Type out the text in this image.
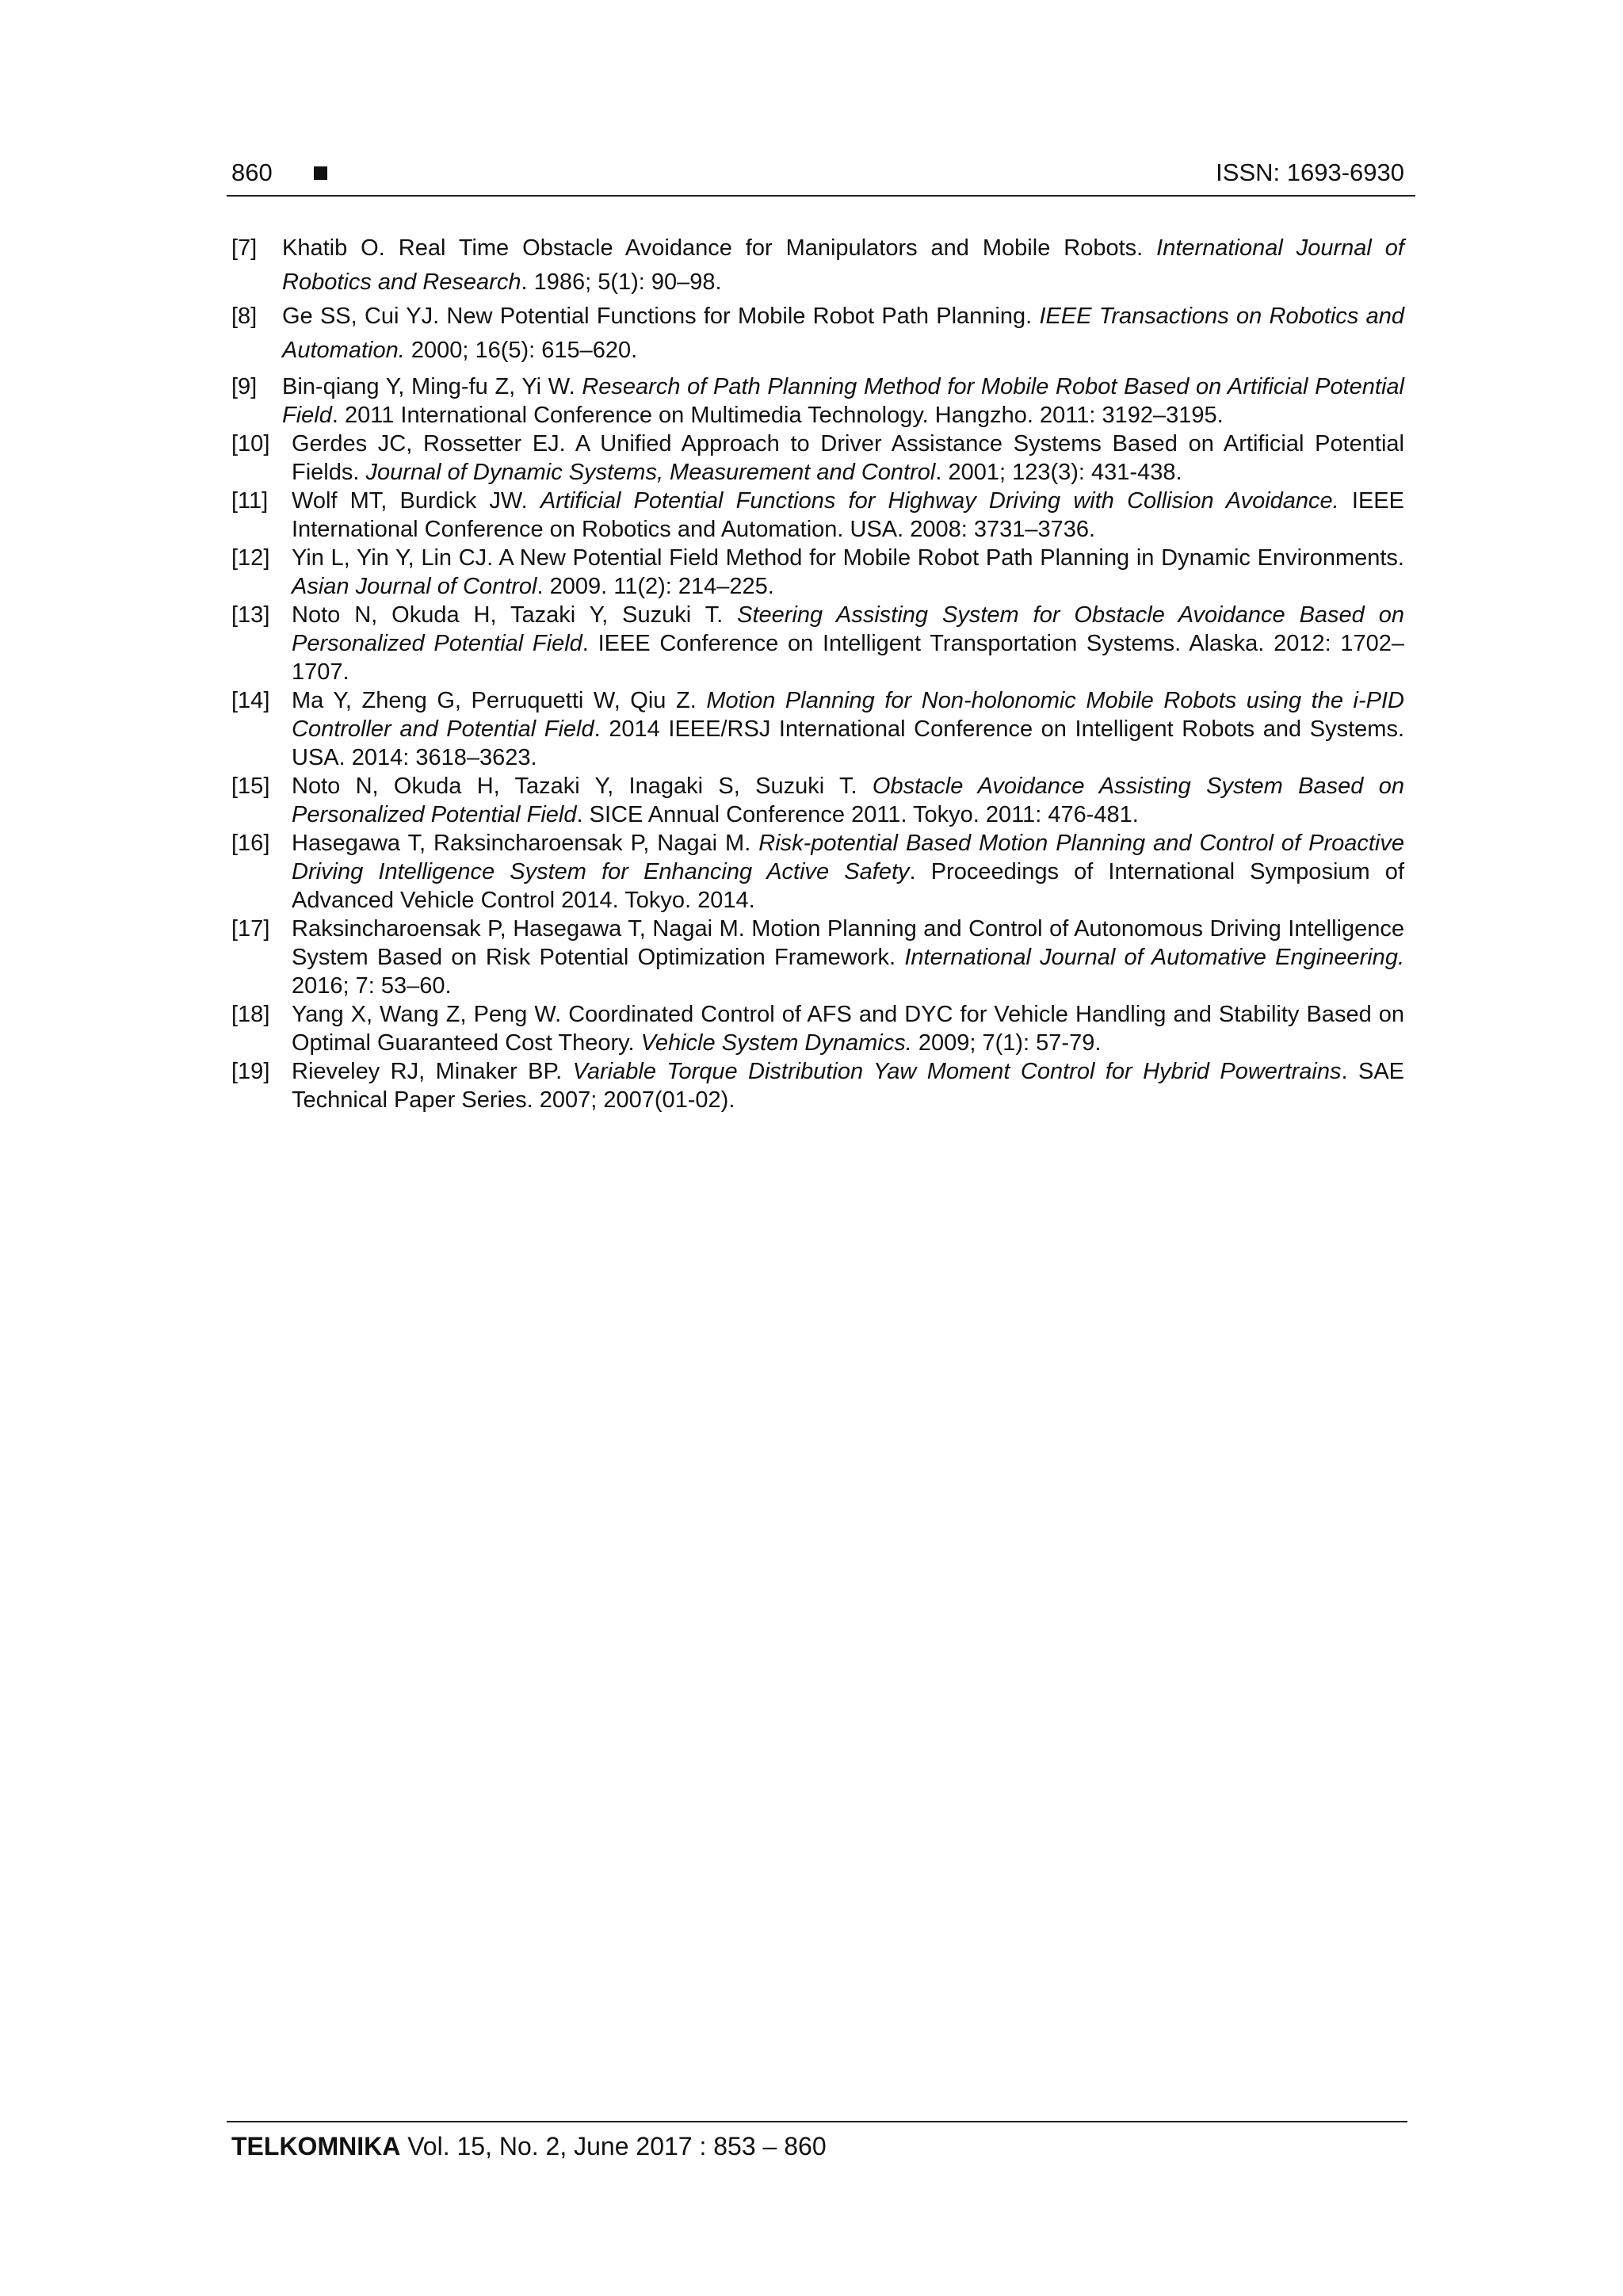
860	ISSN: 1693-6930
[7] Khatib O. Real Time Obstacle Avoidance for Manipulators and Mobile Robots. International Journal of Robotics and Research. 1986; 5(1): 90–98.
[8] Ge SS, Cui YJ. New Potential Functions for Mobile Robot Path Planning. IEEE Transactions on Robotics and Automation. 2000; 16(5): 615–620.
[9] Bin-qiang Y, Ming-fu Z, Yi W. Research of Path Planning Method for Mobile Robot Based on Artificial Potential Field. 2011 International Conference on Multimedia Technology. Hangzho. 2011: 3192–3195.
[10] Gerdes JC, Rossetter EJ. A Unified Approach to Driver Assistance Systems Based on Artificial Potential Fields. Journal of Dynamic Systems, Measurement and Control. 2001; 123(3): 431-438.
[11] Wolf MT, Burdick JW. Artificial Potential Functions for Highway Driving with Collision Avoidance. IEEE International Conference on Robotics and Automation. USA. 2008: 3731–3736.
[12] Yin L, Yin Y, Lin CJ. A New Potential Field Method for Mobile Robot Path Planning in Dynamic Environments. Asian Journal of Control. 2009. 11(2): 214–225.
[13] Noto N, Okuda H, Tazaki Y, Suzuki T. Steering Assisting System for Obstacle Avoidance Based on Personalized Potential Field. IEEE Conference on Intelligent Transportation Systems. Alaska. 2012: 1702–1707.
[14] Ma Y, Zheng G, Perruquetti W, Qiu Z. Motion Planning for Non-holonomic Mobile Robots using the i-PID Controller and Potential Field. 2014 IEEE/RSJ International Conference on Intelligent Robots and Systems. USA. 2014: 3618–3623.
[15] Noto N, Okuda H, Tazaki Y, Inagaki S, Suzuki T. Obstacle Avoidance Assisting System Based on Personalized Potential Field. SICE Annual Conference 2011. Tokyo. 2011: 476-481.
[16] Hasegawa T, Raksincharoensak P, Nagai M. Risk-potential Based Motion Planning and Control of Proactive Driving Intelligence System for Enhancing Active Safety. Proceedings of International Symposium of Advanced Vehicle Control 2014. Tokyo. 2014.
[17] Raksincharoensak P, Hasegawa T, Nagai M. Motion Planning and Control of Autonomous Driving Intelligence System Based on Risk Potential Optimization Framework. International Journal of Automative Engineering. 2016; 7: 53–60.
[18] Yang X, Wang Z, Peng W. Coordinated Control of AFS and DYC for Vehicle Handling and Stability Based on Optimal Guaranteed Cost Theory. Vehicle System Dynamics. 2009; 7(1): 57-79.
[19] Rieveley RJ, Minaker BP. Variable Torque Distribution Yaw Moment Control for Hybrid Powertrains. SAE Technical Paper Series. 2007; 2007(01-02).
TELKOMNIKA Vol. 15, No. 2, June 2017 : 853 – 860
